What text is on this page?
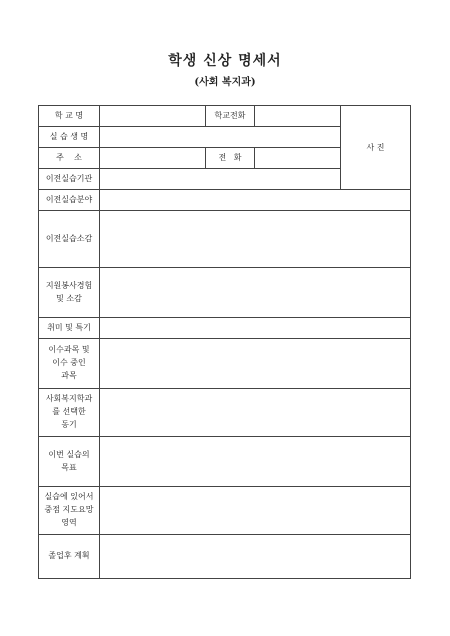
학생 신상 명세서
(사회 복지과)
학 교 명		학교전화		사 진
실 습 생 명				
주    소		전   화		
이전실습기관				
이전실습분야				
이전실습소감				

지원봉사경험
및 소감				

취미 및 특기				

이수과목 및
이수 중인
과목				

사회복지학과
를 선택한
동기				

이번 실습의
목표				

실습에 있어서
중점 지도요망
영역				

졸업후 계획				
